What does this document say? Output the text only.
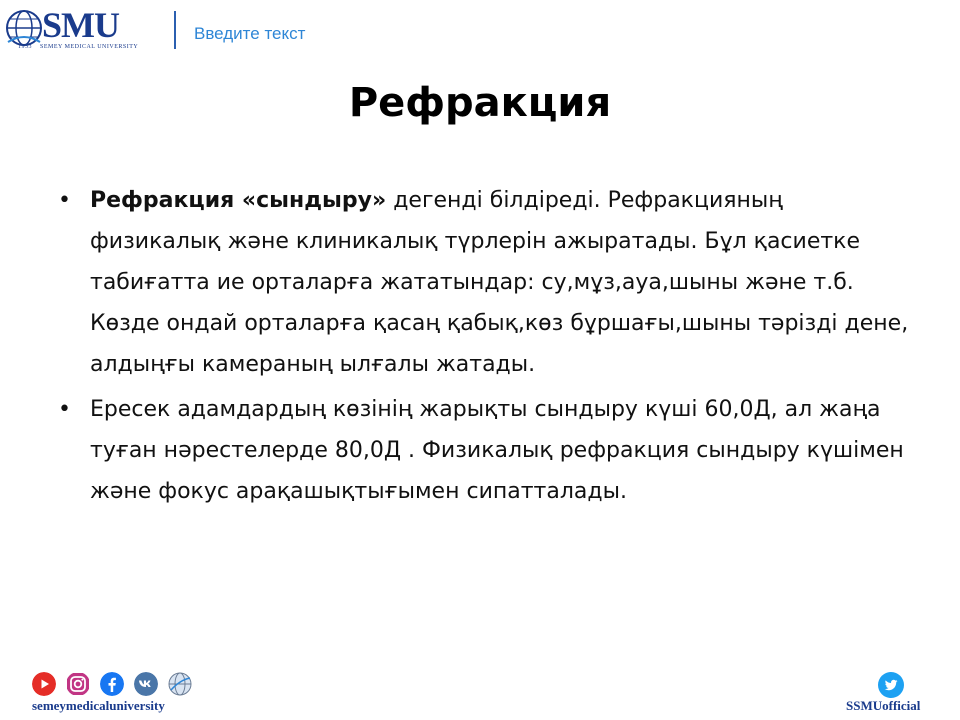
SMU
1953 SEMEY MEDICAL UNIVERSITY
Введите текст
Рефракция
• Рефракция «сындыру» дегенді білдіреді. Рефракцияның физикалық және клиникалық түрлерін ажыратады. Бұл қасиетке табиғатта ие орталарға жататындар: су,мұз,ауа,шыны және т.б. Көзде ондай орталарға қасаң қабық,көз бұршағы,шыны тәрізді дене, алдыңғы камераның ылғалы жатады.
• Ересек адамдардың көзінің жарықты сындыру күші 60,0Д, ал жаңа туған нәрестелерде 80,0Д . Физикалық рефракция сындыру күшімен және фокус арақашықтығымен сипатталады.
semeymedicaluniversity	SSMUofficial
